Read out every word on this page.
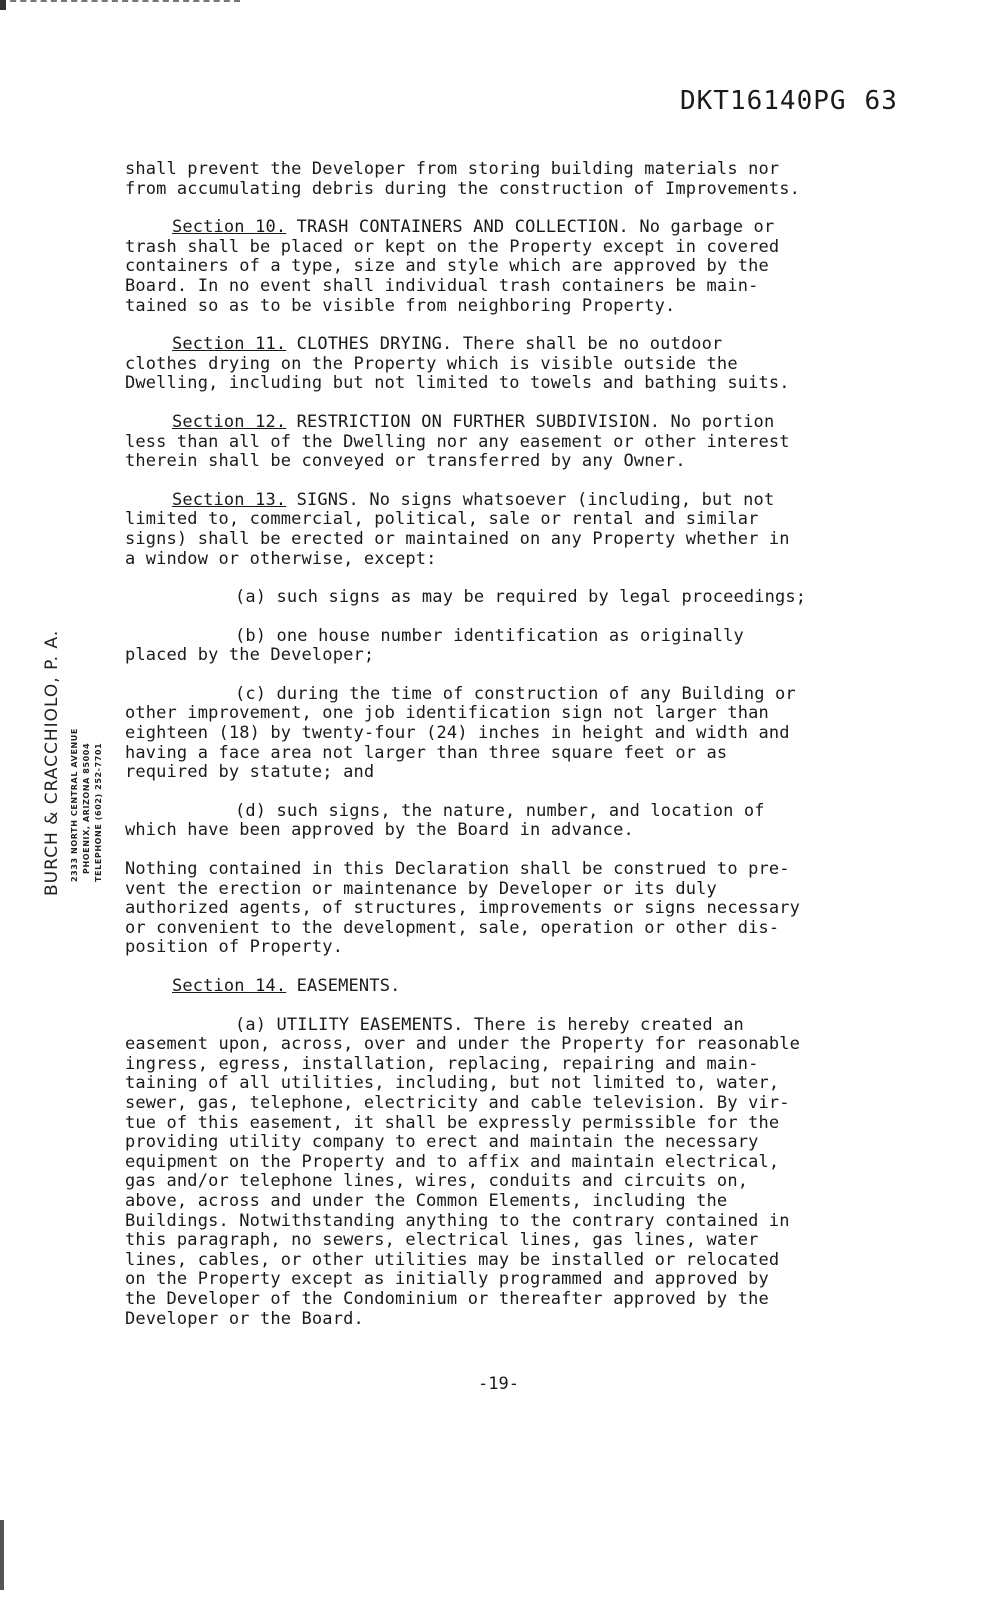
DKT16140PG 63
BURCH & CRACCHIOLO, P. A. 2333 NORTH CENTRAL AVENUE PHOENIX, ARIZONA 85004 TELEPHONE (602) 252-7701

shall prevent the Developer from storing building materials nor
from accumulating debris during the construction of Improvements.

Section 10. TRASH CONTAINERS AND COLLECTION. No garbage or
trash shall be placed or kept on the Property except in covered
containers of a type, size and style which are approved by the
Board. In no event shall individual trash containers be main-
tained so as to be visible from neighboring Property.

Section 11. CLOTHES DRYING. There shall be no outdoor
clothes drying on the Property which is visible outside the
Dwelling, including but not limited to towels and bathing suits.

Section 12. RESTRICTION ON FURTHER SUBDIVISION. No portion
less than all of the Dwelling nor any easement or other interest
therein shall be conveyed or transferred by any Owner.

Section 13. SIGNS. No signs whatsoever (including, but not
limited to, commercial, political, sale or rental and similar
signs) shall be erected or maintained on any Property whether in
a window or otherwise, except:

(a) such signs as may be required by legal proceedings;

(b) one house number identification as originally
placed by the Developer;

(c) during the time of construction of any Building or
other improvement, one job identification sign not larger than
eighteen (18) by twenty-four (24) inches in height and width and
having a face area not larger than three square feet or as
required by statute; and

(d) such signs, the nature, number, and location of
which have been approved by the Board in advance.

Nothing contained in this Declaration shall be construed to pre-
vent the erection or maintenance by Developer or its duly
authorized agents, of structures, improvements or signs necessary
or convenient to the development, sale, operation or other dis-
position of Property.

Section 14. EASEMENTS.

(a) UTILITY EASEMENTS. There is hereby created an
easement upon, across, over and under the Property for reasonable
ingress, egress, installation, replacing, repairing and main-
taining of all utilities, including, but not limited to, water,
sewer, gas, telephone, electricity and cable television. By vir-
tue of this easement, it shall be expressly permissible for the
providing utility company to erect and maintain the necessary
equipment on the Property and to affix and maintain electrical,
gas and/or telephone lines, wires, conduits and circuits on,
above, across and under the Common Elements, including the
Buildings. Notwithstanding anything to the contrary contained in
this paragraph, no sewers, electrical lines, gas lines, water
lines, cables, or other utilities may be installed or relocated
on the Property except as initially programmed and approved by
the Developer of the Condominium or thereafter approved by the
Developer or the Board.

-19-
